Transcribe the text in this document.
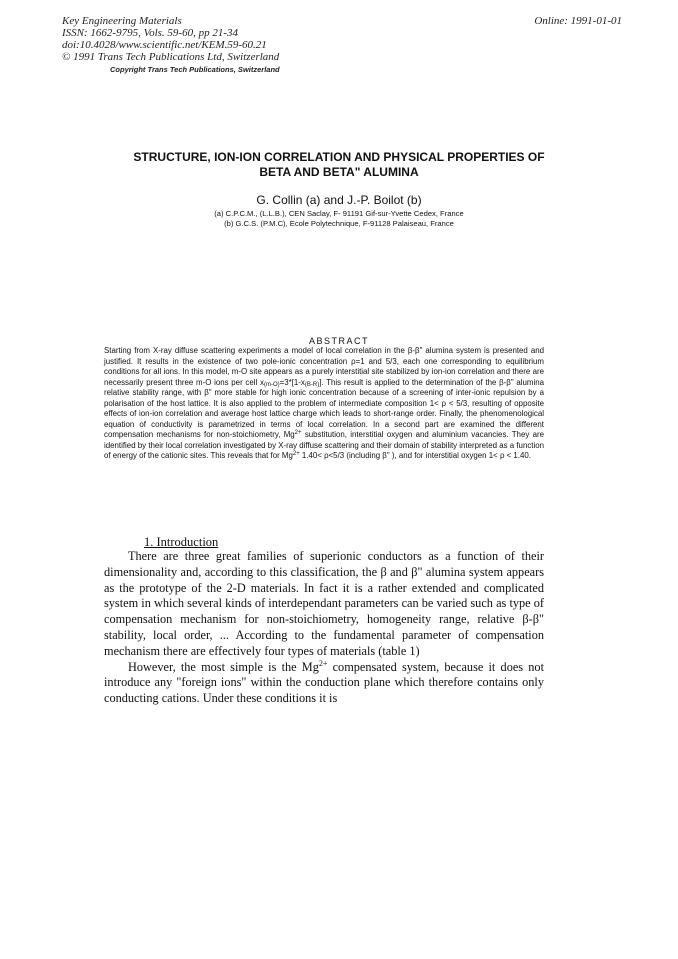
Key Engineering Materials
ISSN: 1662-9795, Vols. 59-60, pp 21-34
doi:10.4028/www.scientific.net/KEM.59-60.21
© 1991 Trans Tech Publications Ltd, Switzerland
Copyright Trans Tech Publications, Switzerland
Online: 1991-01-01
STRUCTURE, ION-ION CORRELATION AND PHYSICAL PROPERTIES OF
BETA AND BETA" ALUMINA
G. Collin (a) and J.-P. Boilot (b)
(a) C.P.C.M., (L.L.B.), CEN Saclay, F- 91191 Gif-sur-Yvette Cedex, France
(b) G.C.S. (P.M.C), Ecole Polytechnique, F-91128 Palaiseau, France
ABSTRACT
Starting from X-ray diffuse scattering experiments a model of local correlation in the β-β" alumina system is presented and justified. It results in the existence of two pole-ionic concentration ρ=1 and 5/3, each one corresponding to equilibrium conditions for all ions. In this model, m-O site appears as a purely interstitial site stabilized by ion-ion correlation and there are necessarily present three m-O ions per cell $x_{(m-O)}=3*[1-x_{(B-R)}]$. This result is applied to the determination of the β-β" alumina relative stability range, with β" more stable for high ionic concentration because of a screening of inter-ionic repulsion by a polarisation of the host lattice. It is also applied to the problem of intermediate composition 1< ρ < 5/3, resulting of opposite effects of ion-ion correlation and average host lattice charge which leads to short-range order. Finally, the phenomenological equation of conductivity is parametrized in terms of local correlation. In a second part are examined the different compensation mechanisms for non-stoichiometry, $Mg^{2+}$ substitution, interstitial oxygen and aluminium vacancies. They are identified by their local correlation investigated by X-ray diffuse scattering and their domain of stability interpreted as a function of energy of the cationic sites. This reveals that for $Mg^{2+}$ 1.40< ρ<5/3 (including β" ), and for interstitial oxygen 1< ρ < 1.40.
1. Introduction

There are three great families of superionic conductors as a function of their dimensionality and, according to this classification, the β and β" alumina system appears as the prototype of the 2-D materials. In fact it is a rather extended and complicated system in which several kinds of interdependant parameters can be varied such as type of compensation mechanism for non-stoichiometry, homogeneity range, relative β-β" stability, local order, ... According to the fundamental parameter of compensation mechanism there are effectively four types of materials (table 1)

However, the most simple is the $Mg^{2+}$ compensated system, because it does not introduce any "foreign ions" within the conduction plane which therefore contains only conducting cations. Under these conditions it is
